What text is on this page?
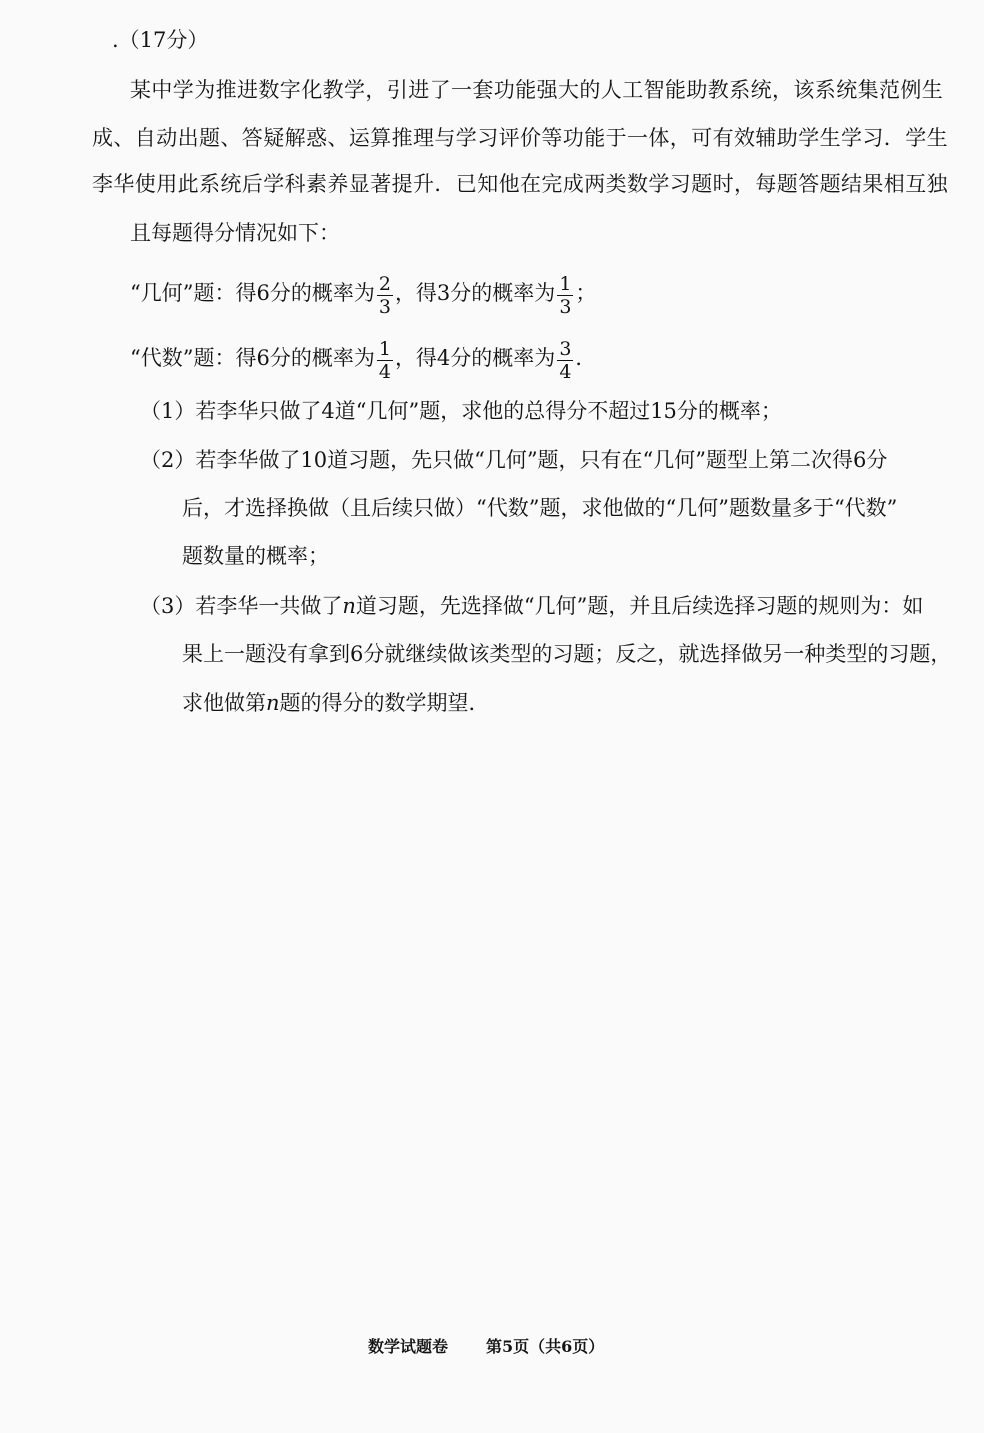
.（17分）
某中学为推进数字化教学，引进了一套功能强大的人工智能助教系统，该系统集范例生
成、自动出题、答疑解惑、运算推理与学习评价等功能于一体，可有效辅助学生学习．学生
李华使用此系统后学科素养显著提升．已知他在完成两类数学习题时，每题答题结果相互独
且每题得分情况如下：
“几何”题：得6分的概率为 $\frac{2}{3}$ ，得3分的概率为 $\frac{1}{3}$ ；
“代数”题：得6分的概率为 $\frac{1}{4}$ ，得4分的概率为 $\frac{3}{4}$ ．
（1）若李华只做了4道“几何”题，求他的总得分不超过15分的概率；
（2）若李华做了10道习题，先只做“几何”题，只有在“几何”题型上第二次得6分
后，才选择换做（且后续只做）“代数”题，求他做的“几何”题数量多于“代数”
题数量的概率；
（3）若李华一共做了n道习题，先选择做“几何”题，并且后续选择习题的规则为：如
果上一题没有拿到6分就继续做该类型的习题；反之，就选择做另一种类型的习题，
求他做第n题的得分的数学期望．
数学试题卷 第5页（共6页）
